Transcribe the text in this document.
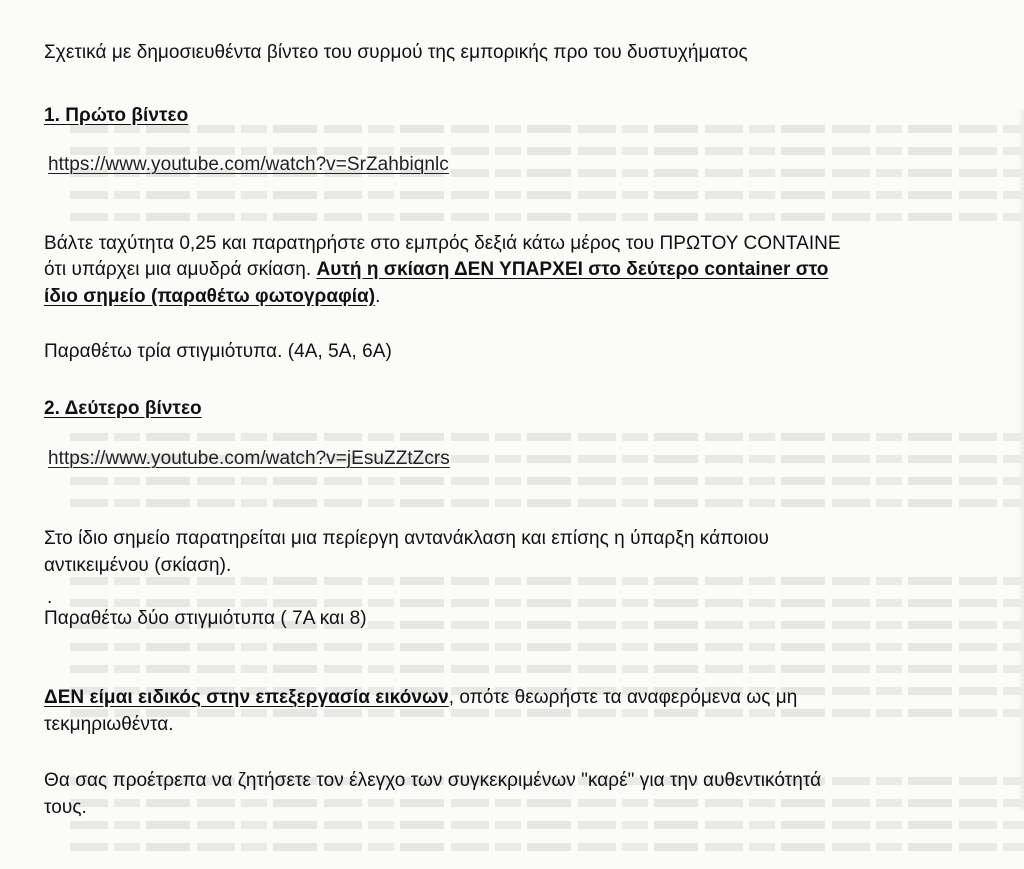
Σχετικά με δημοσιευθέντα βίντεο του συρμού της εμπορικής προ του δυστυχήματος
1. Πρώτο βίντεο
https://www.youtube.com/watch?v=SrZahbiqnlc
Βάλτε ταχύτητα 0,25 και παρατηρήστε στο εμπρός δεξιά κάτω μέρος του ΠΡΩΤΟΥ CONTAINE
ότι υπάρχει μια αμυδρά σκίαση. Αυτή η σκίαση ΔΕΝ ΥΠΑΡΧΕΙ στο δεύτερο container στο
ίδιο σημείο (παραθέτω φωτογραφία).
Παραθέτω τρία στιγμιότυπα. (4A, 5A, 6A)
2. Δεύτερο βίντεο
https://www.youtube.com/watch?v=jEsuZZtZcrs
Στο ίδιο σημείο παρατηρείται μια περίεργη αντανάκλαση και επίσης η ύπαρξη κάποιου
αντικειμένου (σκίαση).
.
Παραθέτω δύο στιγμιότυπα ( 7A και 8)
ΔΕΝ είμαι ειδικός στην επεξεργασία εικόνων, οπότε θεωρήστε τα αναφερόμενα ως μη
τεκμηριωθέντα.
Θα σας προέτρεπα να ζητήσετε τον έλεγχο των συγκεκριμένων "καρέ" για την αυθεντικότητά
τους.
